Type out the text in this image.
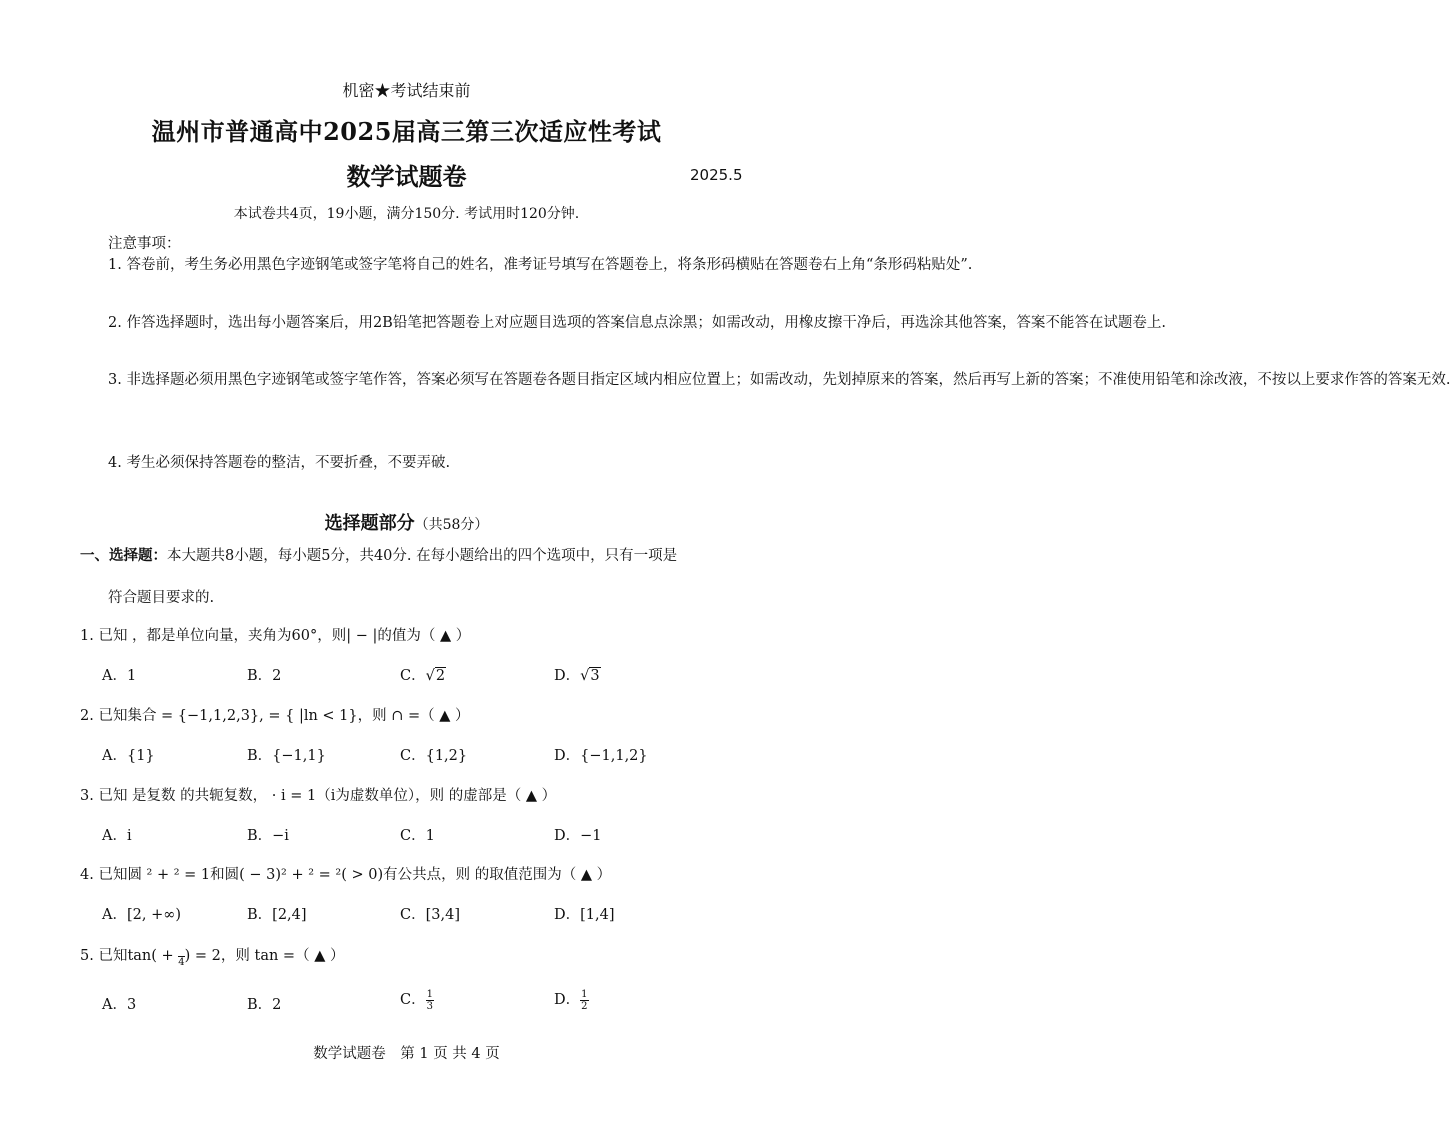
机密★考试结束前
温州市普通高中2025届高三第三次适应性考试
数学试题卷	2025.5
本试卷共4页，19小题，满分150分. 考试用时120分钟.
注意事项：
1. 答卷前，考生务必用黑色字迹钢笔或签字笔将自己的姓名，准考证号填写在答题卷上，将条形码横贴在答题卷右上角“条形码粘贴处”.
2. 作答选择题时，选出每小题答案后，用2B铅笔把答题卷上对应题目选项的答案信息点涂黑；如需改动，用橡皮擦干净后，再选涂其他答案，答案不能答在试题卷上.
3. 非选择题必须用黑色字迹钢笔或签字笔作答，答案必须写在答题卷各题目指定区域内相应位置上；如需改动，先划掉原来的答案，然后再写上新的答案；不准使用铅笔和涂改液，不按以上要求作答的答案无效.
4. 考生必须保持答题卷的整洁，不要折叠，不要弄破.
选择题部分（共58分）
一、选择题：本大题共8小题，每小题5分，共40分. 在每小题给出的四个选项中，只有一项是
符合题目要求的.
1. 已知 ，都是单位向量，夹角为60°，则| − |的值为（ ▲ ）
A．1	B．2	C．√2	D．√3
2. 已知集合 = {−1,1,2,3}, = { |ln < 1}，则 ∩ =（ ▲ ）
A．{1}	B．{−1,1}	C．{1,2}	D．{−1,1,2}
3. 已知 是复数 的共轭复数， · i = 1（i为虚数单位），则 的虚部是（ ▲ ）
A．i	B．−i	C．1	D．−1
4. 已知圆 ² + ² = 1和圆( − 3)² + ² = ²( > 0)有公共点，则 的取值范围为（ ▲ ）
A．[2, +∞)	B．[2,4]	C．[3,4]	D．[1,4]
5. 已知tan( +
4 ) = 2，则 tan =（ ▲ ）
A．3	B．2	C． $\frac{1}{3}$	D． $\frac{1}{2}$
数学试题卷　第 1 页 共 4 页
